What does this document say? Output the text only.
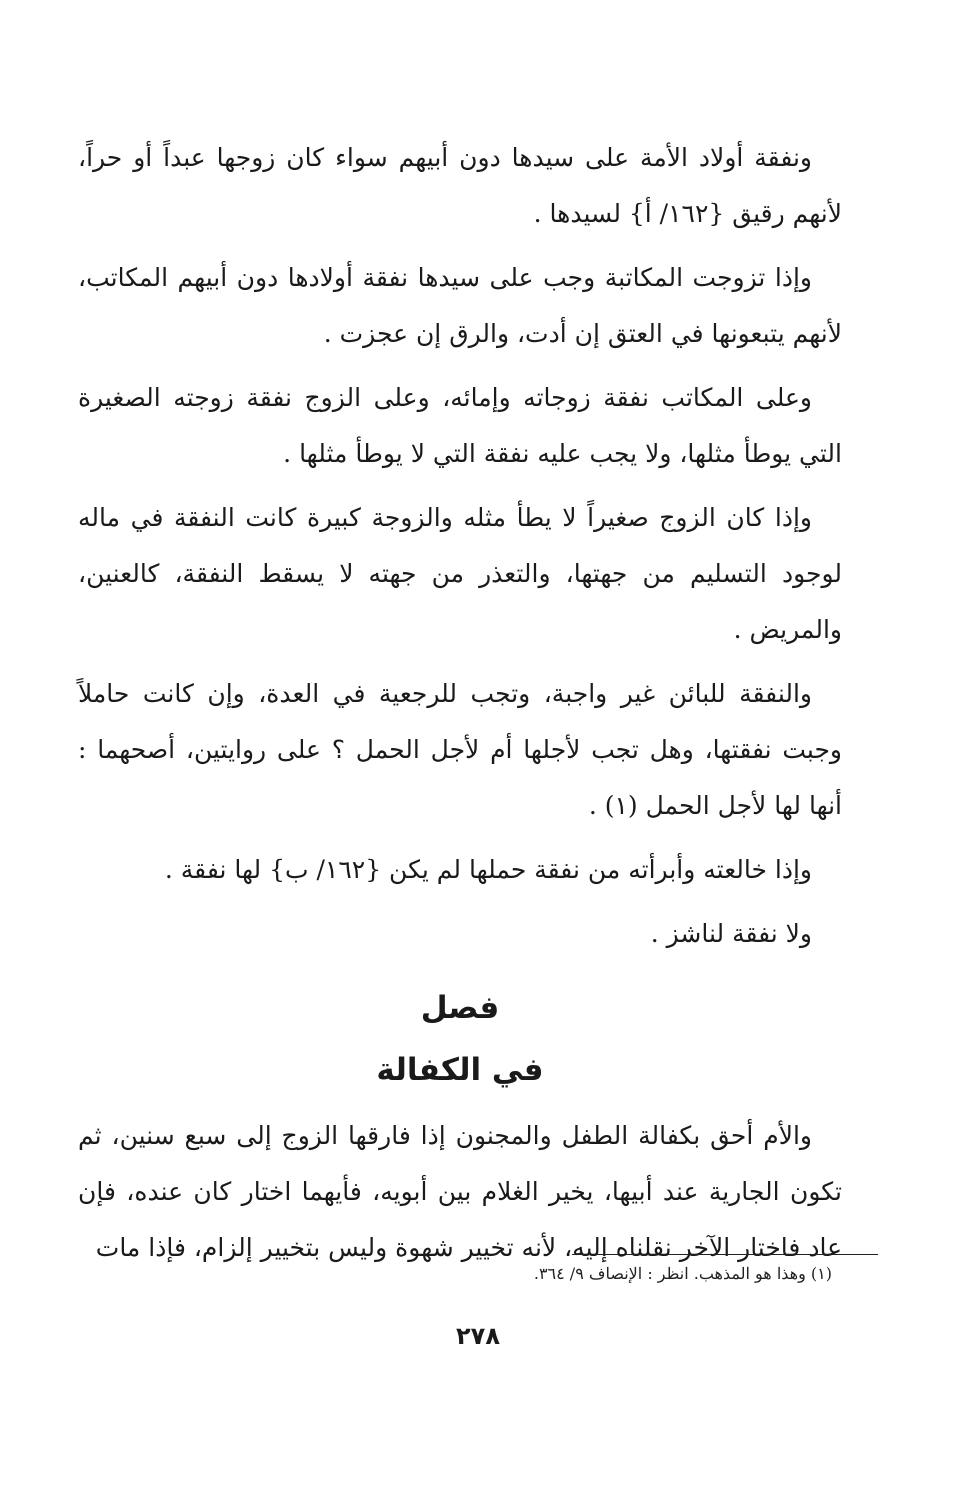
ونفقة أولاد الأمة على سيدها دون أبيهم سواء كان زوجها عبداً أو حراً، لأنهم رقيق {١٦٢/ أ} لسيدها .

وإذا تزوجت المكاتبة وجب على سيدها نفقة أولادها دون أبيهم المكاتب، لأنهم يتبعونها في العتق إن أدت، والرق إن عجزت .

وعلى المكاتب نفقة زوجاته وإمائه، وعلى الزوج نفقة زوجته الصغيرة التي يوطأ مثلها، ولا يجب عليه نفقة التي لا يوطأ مثلها .

وإذا كان الزوج صغيراً لا يطأ مثله والزوجة كبيرة كانت النفقة في ماله لوجود التسليم من جهتها، والتعذر من جهته لا يسقط النفقة، كالعنين، والمريض .

والنفقة للبائن غير واجبة، وتجب للرجعية في العدة، وإن كانت حاملاً وجبت نفقتها، وهل تجب لأجلها أم لأجل الحمل ؟ على روايتين، أصحهما : أنها لها لأجل الحمل (١) .

وإذا خالعته وأبرأته من نفقة حملها لم يكن {١٦٢/ ب} لها نفقة .

ولا نفقة لناشز .

فصل
في الكفالة

والأم أحق بكفالة الطفل والمجنون إذا فارقها الزوج إلى سبع سنين، ثم تكون الجارية عند أبيها، يخير الغلام بين أبويه، فأيهما اختار كان عنده، فإن عاد فاختار الآخر نقلناه إليه، لأنه تخيير شهوة وليس بتخيير إلزام، فإذا مات

(١) وهذا هو المذهب. انظر : الإنصاف ٩/ ٣٦٤.
٢٧٨
